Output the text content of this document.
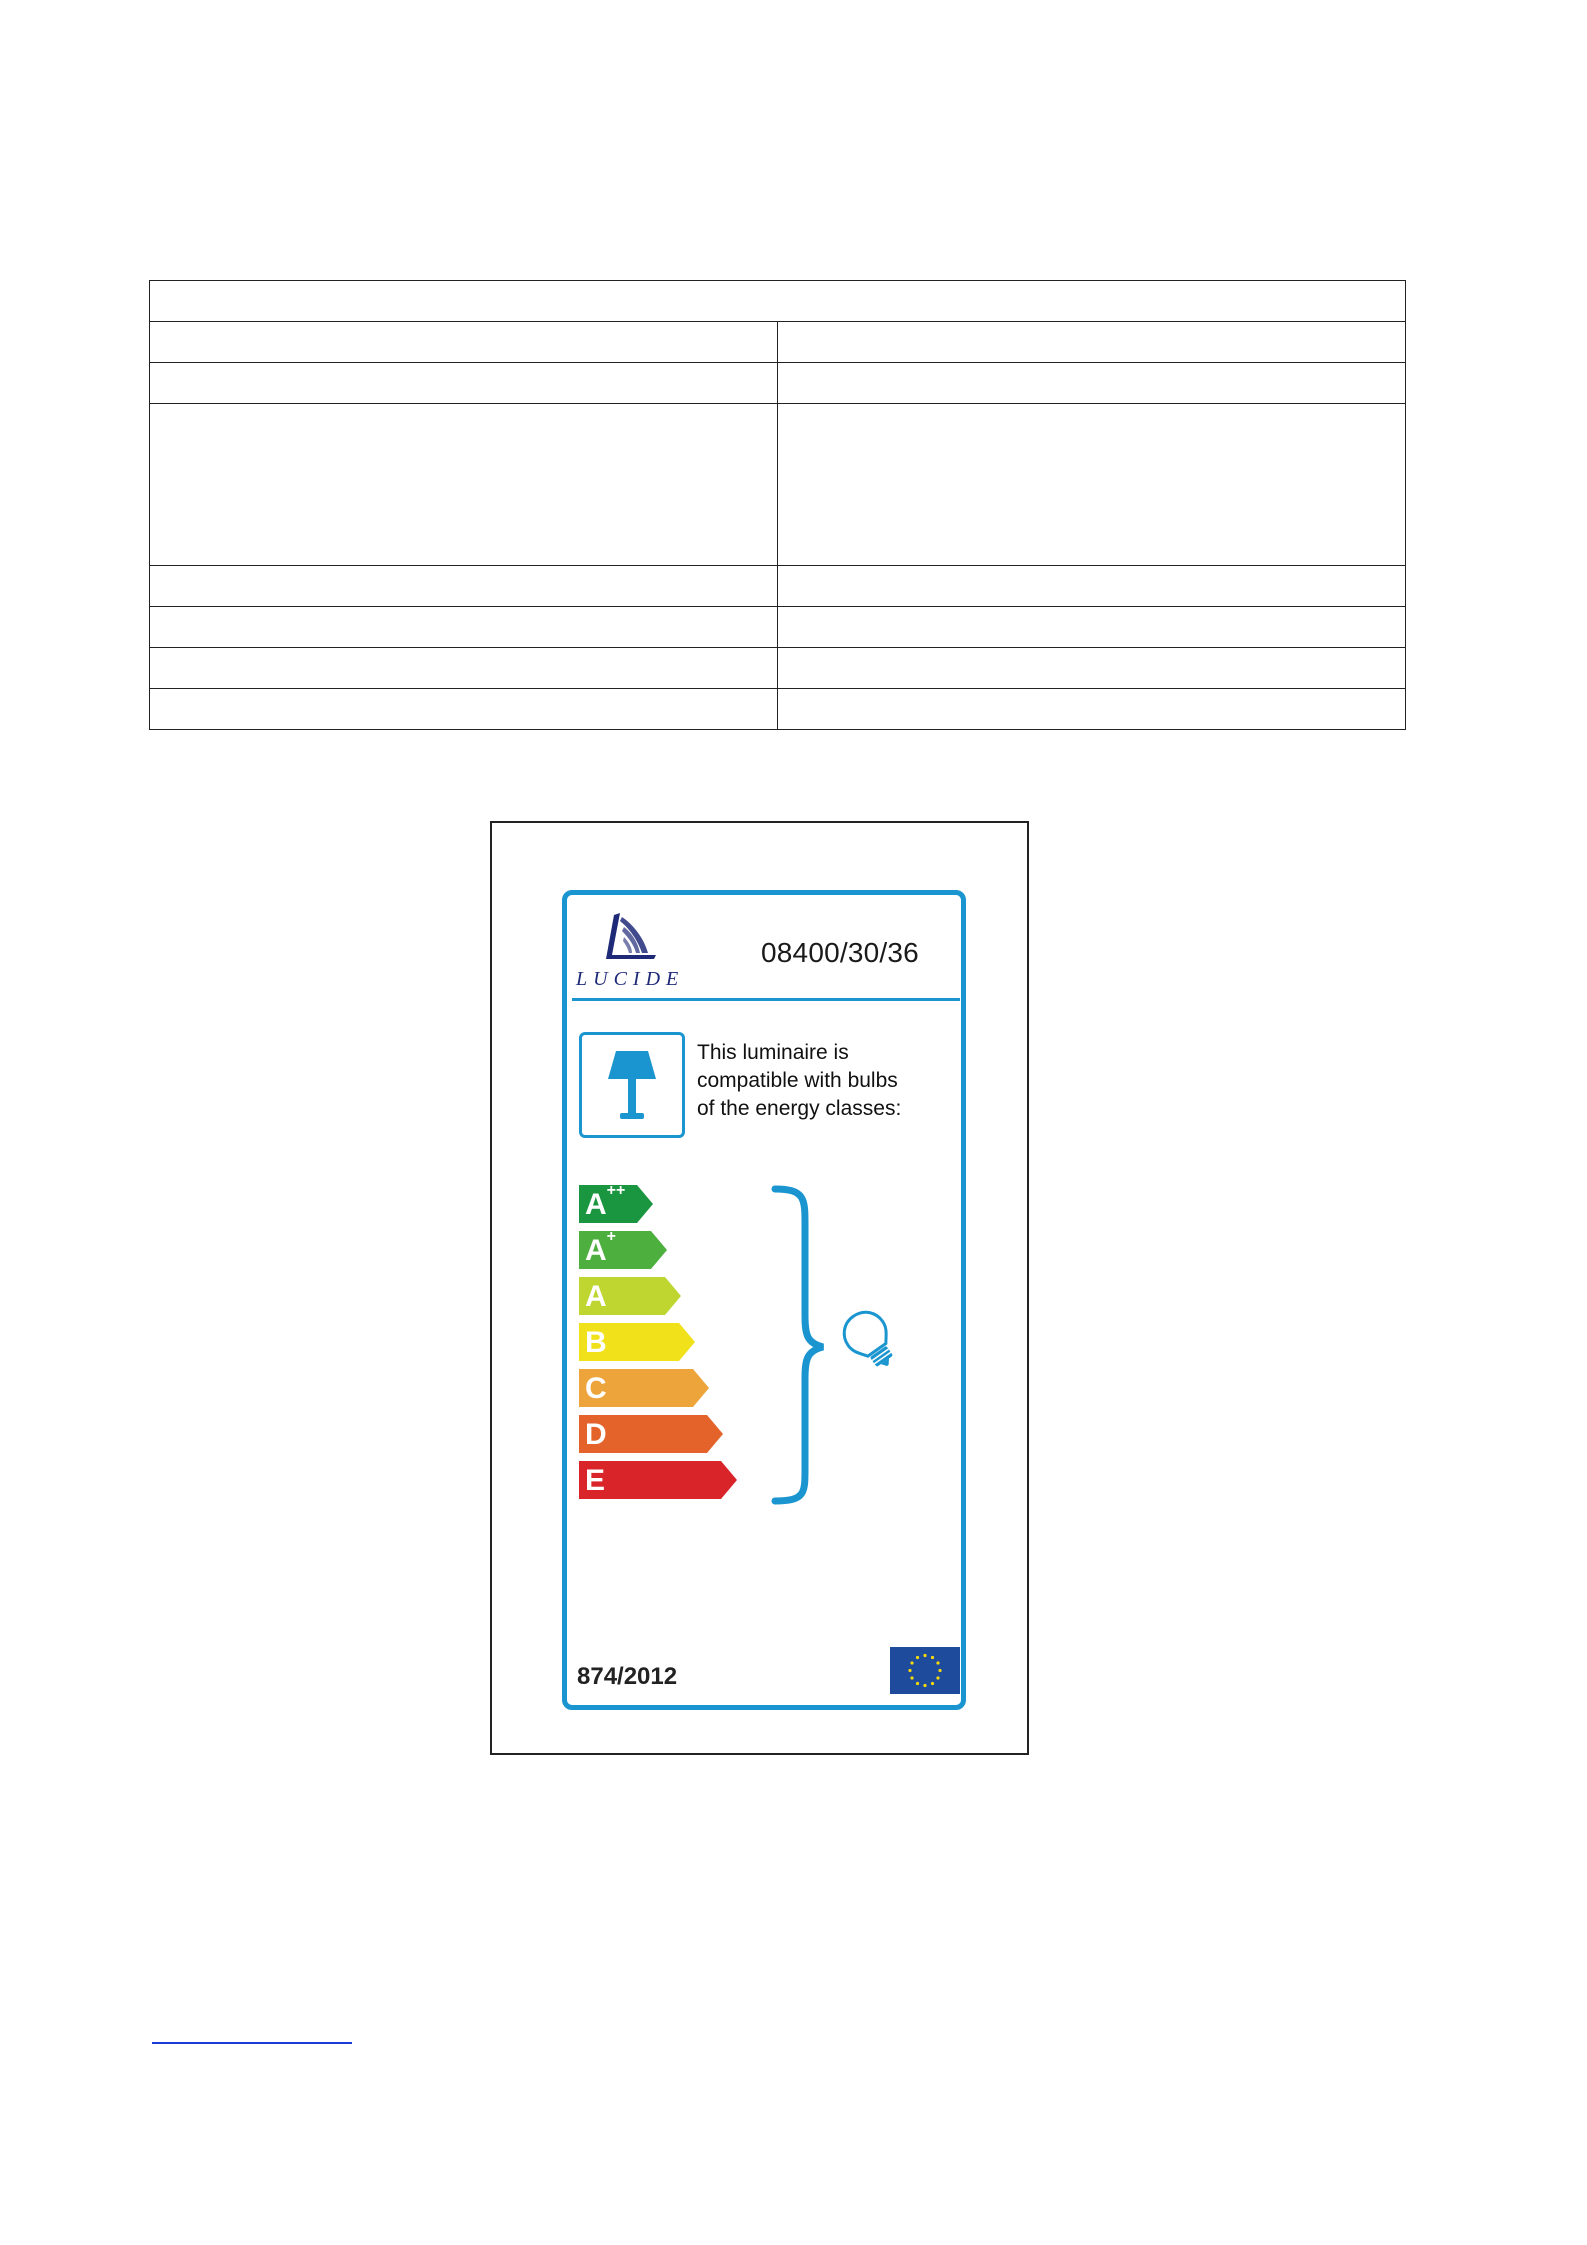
LUCIDE
08400/30/36
This luminaire is
compatible with bulbs
of the energy classes:
A++
A+
A
B
C
D
E
874/2012
